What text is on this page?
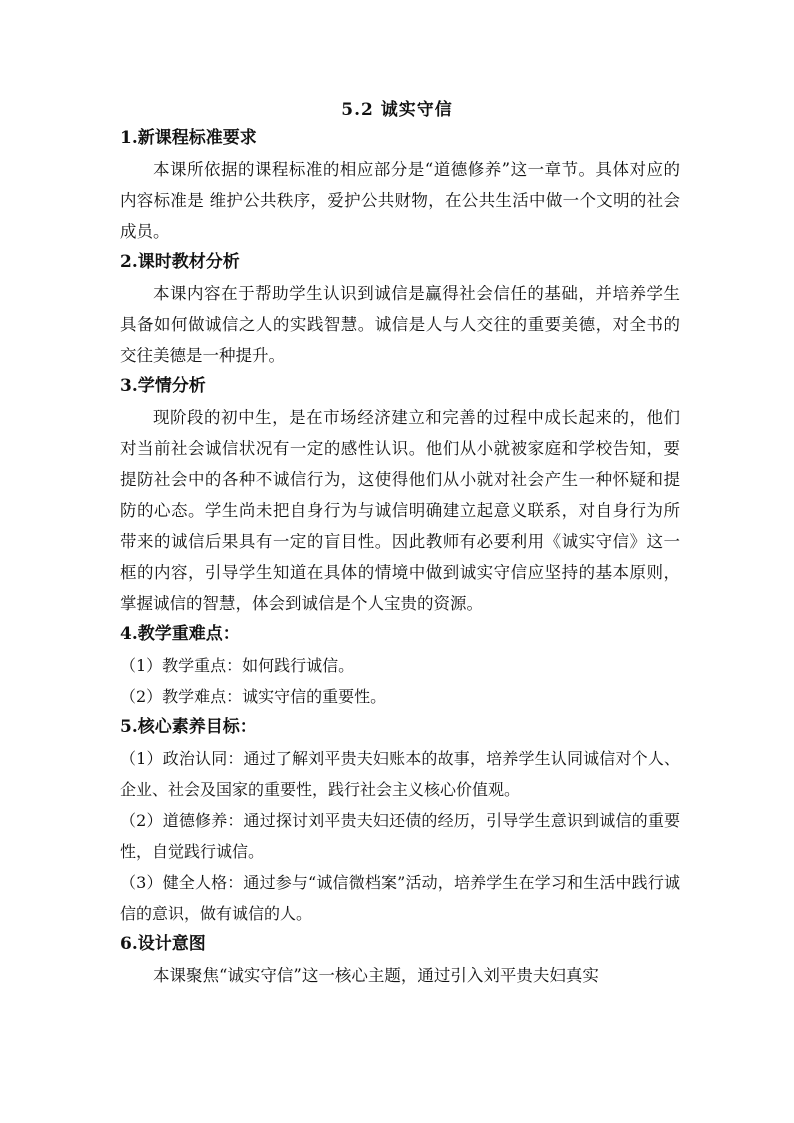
5.2 诚实守信

1.新课程标准要求

本课所依据的课程标准的相应部分是“道德修养”这一章节。具体对应的内容标准是 维护公共秩序，爱护公共财物，在公共生活中做一个文明的社会成员。

2.课时教材分析

本课内容在于帮助学生认识到诚信是赢得社会信任的基础，并培养学生具备如何做诚信之人的实践智慧。诚信是人与人交往的重要美德，对全书的交往美德是一种提升。

3.学情分析

现阶段的初中生，是在市场经济建立和完善的过程中成长起来的，他们对当前社会诚信状况有一定的感性认识。他们从小就被家庭和学校告知，要提防社会中的各种不诚信行为，这使得他们从小就对社会产生一种怀疑和提防的心态。学生尚未把自身行为与诚信明确建立起意义联系，对自身行为所带来的诚信后果具有一定的盲目性。因此教师有必要利用《诚实守信》这一框的内容，引导学生知道在具体的情境中做到诚实守信应坚持的基本原则，掌握诚信的智慧，体会到诚信是个人宝贵的资源。

4.教学重难点：

（1）教学重点：如何践行诚信。

（2）教学难点：诚实守信的重要性。

5.核心素养目标：

（1）政治认同：通过了解刘平贵夫妇账本的故事，培养学生认同诚信对个人、企业、社会及国家的重要性，践行社会主义核心价值观。

（2）道德修养：通过探讨刘平贵夫妇还债的经历，引导学生意识到诚信的重要性，自觉践行诚信。

（3）健全人格：通过参与“诚信微档案”活动，培养学生在学习和生活中践行诚信的意识，做有诚信的人。

6.设计意图

本课聚焦“诚实守信”这一核心主题，通过引入刘平贵夫妇真实
